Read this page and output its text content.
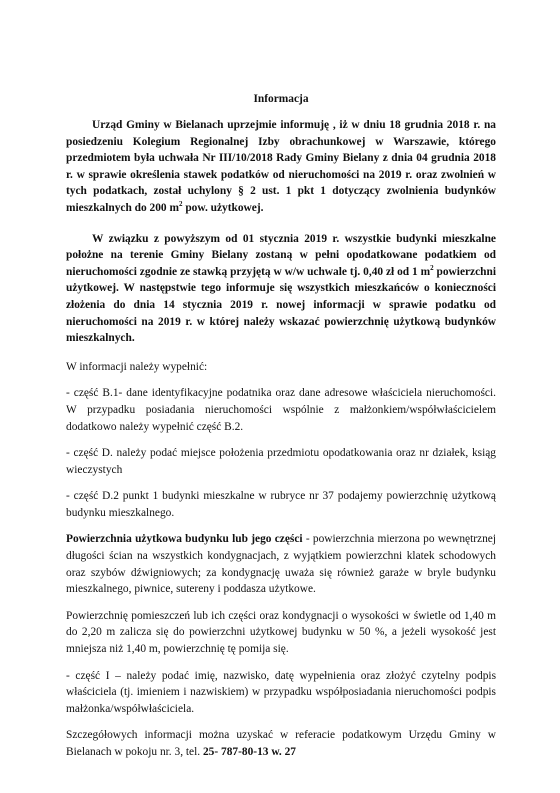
Informacja

Urząd Gminy w Bielanach uprzejmie informuję , iż w dniu 18 grudnia 2018 r. na posiedzeniu Kolegium Regionalnej Izby obrachunkowej w Warszawie, którego przedmiotem była uchwała Nr III/10/2018 Rady Gminy Bielany z dnia 04 grudnia 2018 r. w sprawie określenia stawek podatków od nieruchomości na 2019 r. oraz zwolnień w tych podatkach, został uchylony § 2 ust. 1 pkt 1 dotyczący zwolnienia budynków mieszkalnych do 200 $m^2$ pow. użytkowej.

W związku z powyższym od 01 stycznia 2019 r. wszystkie budynki mieszkalne położne na terenie Gminy Bielany zostaną w pełni opodatkowane podatkiem od nieruchomości zgodnie ze stawką przyjętą w w/w uchwale tj. 0,40 zł od 1 $m^2$ powierzchni użytkowej. W następstwie tego informuje się wszystkich mieszkańców o konieczności złożenia do dnia 14 stycznia 2019 r. nowej informacji w sprawie podatku od nieruchomości na 2019 r. w której należy wskazać powierzchnię użytkową budynków mieszkalnych.

W informacji należy wypełnić:

- część B.1- dane identyfikacyjne podatnika oraz dane adresowe właściciela nieruchomości. W przypadku posiadania nieruchomości wspólnie z małżonkiem/współwłaścicielem dodatkowo należy wypełnić część B.2.

- część D. należy podać miejsce położenia przedmiotu opodatkowania oraz nr działek, ksiąg wieczystych

- część D.2 punkt 1 budynki mieszkalne w rubryce nr 37 podajemy powierzchnię użytkową budynku mieszkalnego.

Powierzchnia użytkowa budynku lub jego części - powierzchnia mierzona po wewnętrznej długości ścian na wszystkich kondygnacjach, z wyjątkiem powierzchni klatek schodowych oraz szybów dźwigniowych; za kondygnację uważa się również garaże w bryle budynku mieszkalnego, piwnice, sutereny i poddasza użytkowe.

Powierzchnię pomieszczeń lub ich części oraz kondygnacji o wysokości w świetle od 1,40 m do 2,20 m zalicza się do powierzchni użytkowej budynku w 50 %, a jeżeli wysokość jest mniejsza niż 1,40 m, powierzchnię tę pomija się.

- część I – należy podać imię, nazwisko, datę wypełnienia oraz złożyć czytelny podpis właściciela (tj. imieniem i nazwiskiem) w przypadku współposiadania nieruchomości podpis małżonka/współwłaściciela.

Szczegółowych informacji można uzyskać w referacie podatkowym Urzędu Gminy w Bielanach w pokoju nr. 3, tel. 25- 787-80-13 w. 27
